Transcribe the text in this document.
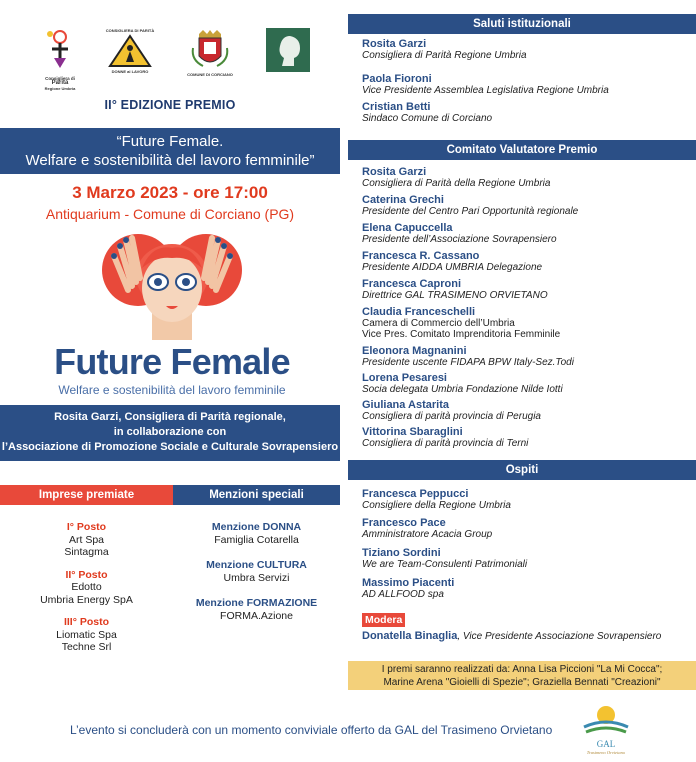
Consigliera di
Parità
Regione Umbria
CONSIGLIERA DI PARITÀ
DONNE al LAVORO
COMUNE DI CORCIANO
II° EDIZIONE PREMIO
“Future Female.
Welfare e sostenibilità del lavoro femminile”
3 Marzo 2023 - ore 17:00
Antiquarium - Comune di Corciano (PG)
Future Female
Welfare e sostenibilità del lavoro femminile
Rosita Garzi, Consigliera di Parità regionale,
in collaborazione con
l’Associazione di Promozione Sociale e Culturale Sovrapensiero
Imprese premiate	Menzioni speciali
I° Posto
Art Spa
Sintagma
II° Posto
Edotto
Umbria Energy SpA
III° Posto
Liomatic Spa
Techne Srl
Menzione DONNA
Famiglia Cotarella
Menzione CULTURA
Umbra Servizi
Menzione FORMAZIONE
FORMA.Azione
Saluti istituzionali
Rosita Garzi
Consigliera di Parità Regione Umbria
Paola Fioroni
Vice Presidente Assemblea Legislativa Regione Umbria
Cristian Betti
Sindaco Comune di Corciano
Comitato Valutatore Premio
Rosita Garzi
Consigliera di Parità della Regione Umbria
Caterina Grechi
Presidente del Centro Pari Opportunità regionale
Elena Capuccella
Presidente dell’Associazione Sovrapensiero
Francesca R. Cassano
Presidente AIDDA UMBRIA Delegazione
Francesca Caproni
Direttrice GAL TRASIMENO ORVIETANO
Claudia Franceschelli
Camera di Commercio dell’Umbria
Vice Pres. Comitato Imprenditoria Femminile
Eleonora Magnanini
Presidente uscente FIDAPA BPW Italy-Sez.Todi
Lorena Pesaresi
Socia delegata Umbria Fondazione Nilde Iotti
Giuliana Astarita
Consigliera di parità provincia di Perugia
Vittorina Sbaraglini
Consigliera di parità provincia di Terni
Ospiti
Francesca Peppucci
Consigliere della Regione Umbria
Francesco Pace
Amministratore Acacia Group
Tiziano Sordini
We are Team-Consulenti Patrimoniali
Massimo Piacenti
AD ALLFOOD spa
Modera
Donatella Binaglia, Vice Presidente Associazione Sovrapensiero
I premi saranno realizzati da: Anna Lisa Piccioni "La Mi Cocca";
Marine Arena "Gioielli di Spezie"; Graziella Bennati "Creazioni"
L’evento si concluderà con un momento conviviale offerto da GAL del Trasimeno Orvietano
GAL
Trasimeno Orvietano
